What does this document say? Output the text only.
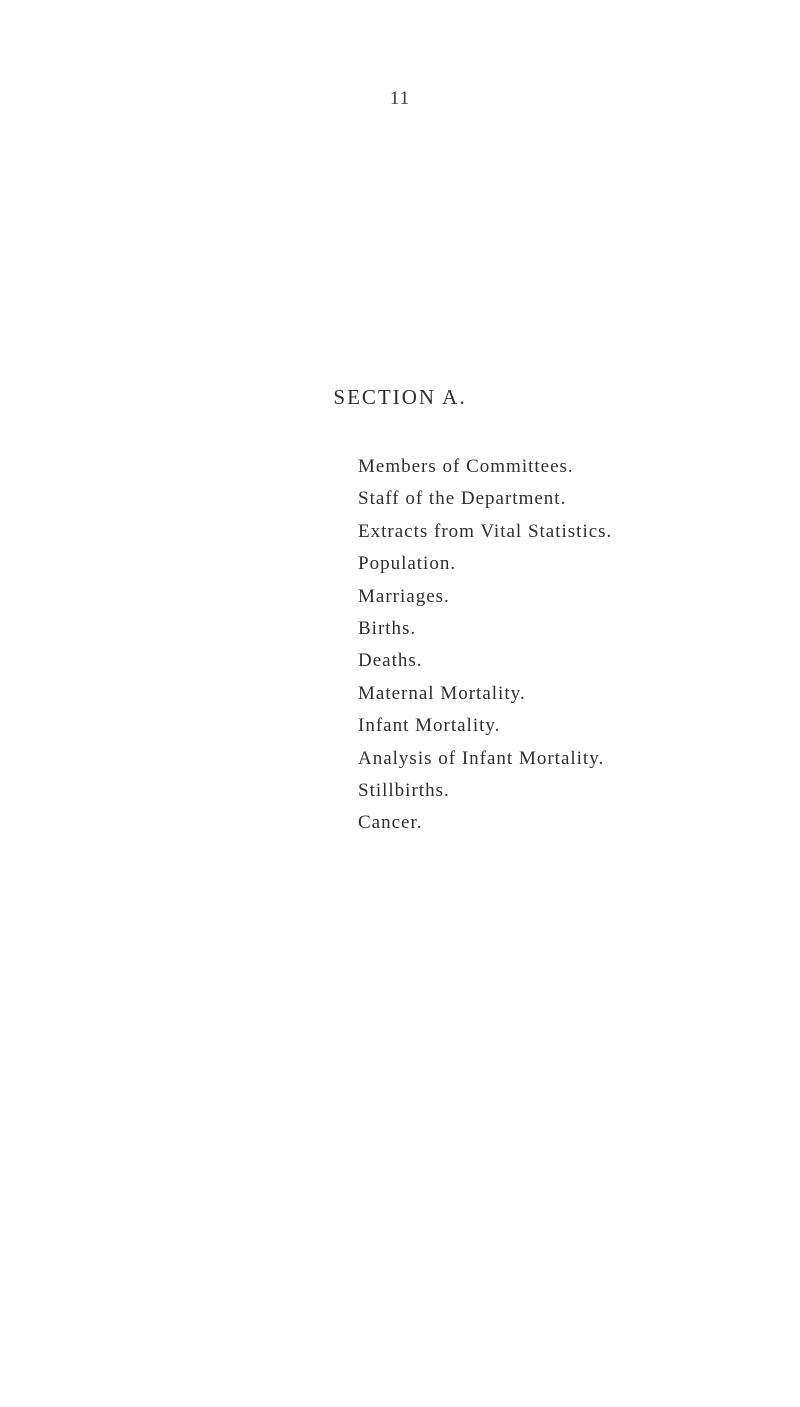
11
SECTION A.
Members of Committees.
Staff of the Department.
Extracts from Vital Statistics.
Population.
Marriages.
Births.
Deaths.
Maternal Mortality.
Infant Mortality.
Analysis of Infant Mortality.
Stillbirths.
Cancer.
